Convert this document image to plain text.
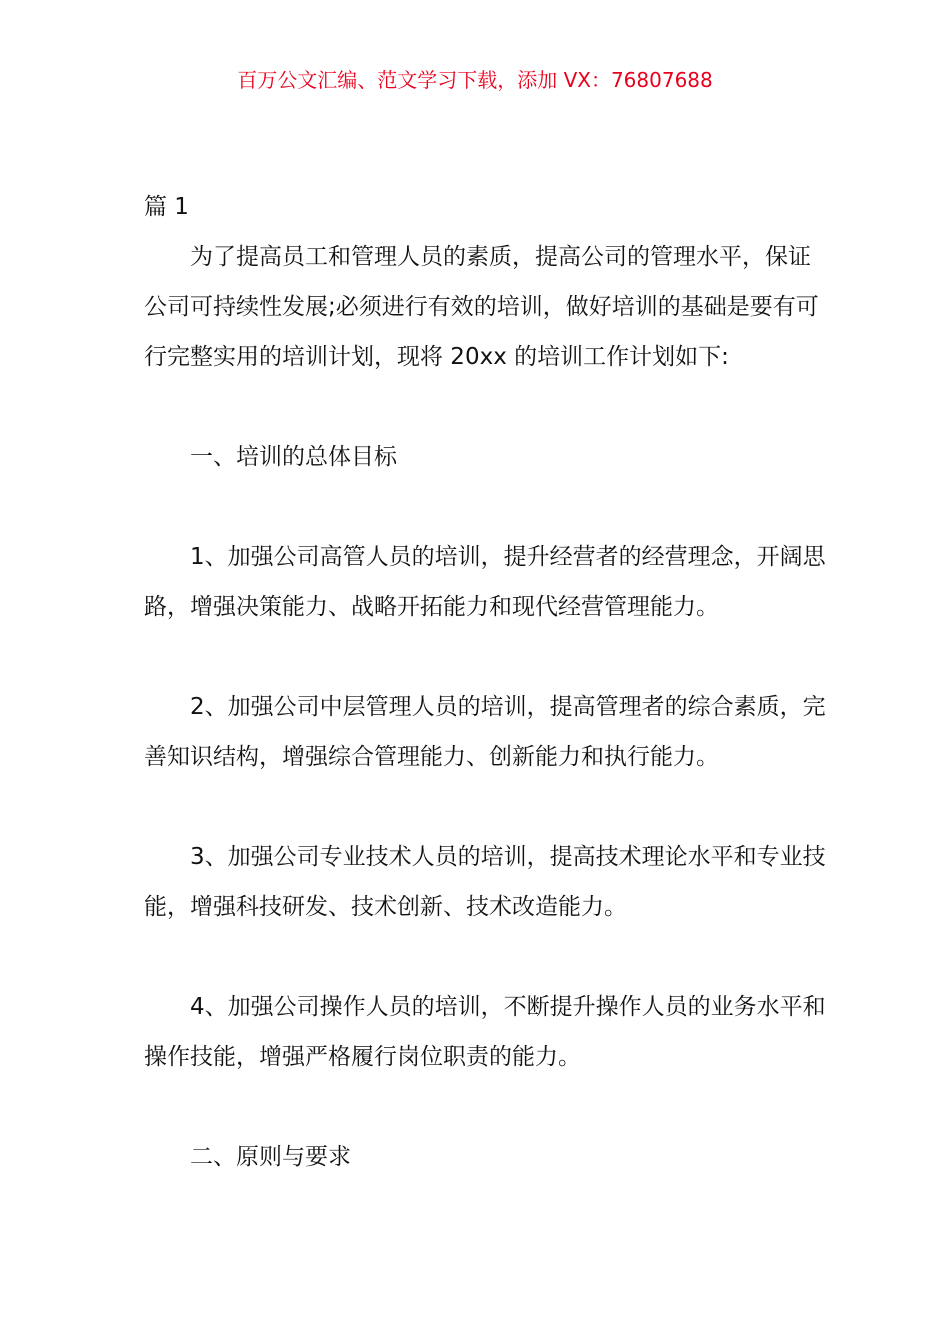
百万公文汇编、范文学习下载，添加 VX：76807688

篇 1

为了提高员工和管理人员的素质，提高公司的管理水平，保证公司可持续性发展;必须进行有效的培训，做好培训的基础是要有可行完整实用的培训计划，现将 20xx 的培训工作计划如下:

一、培训的总体目标

1、加强公司高管人员的培训，提升经营者的经营理念，开阔思路，增强决策能力、战略开拓能力和现代经营管理能力。

2、加强公司中层管理人员的培训，提高管理者的综合素质，完善知识结构，增强综合管理能力、创新能力和执行能力。

3、加强公司专业技术人员的培训，提高技术理论水平和专业技能，增强科技研发、技术创新、技术改造能力。

4、加强公司操作人员的培训，不断提升操作人员的业务水平和操作技能，增强严格履行岗位职责的能力。

二、原则与要求
